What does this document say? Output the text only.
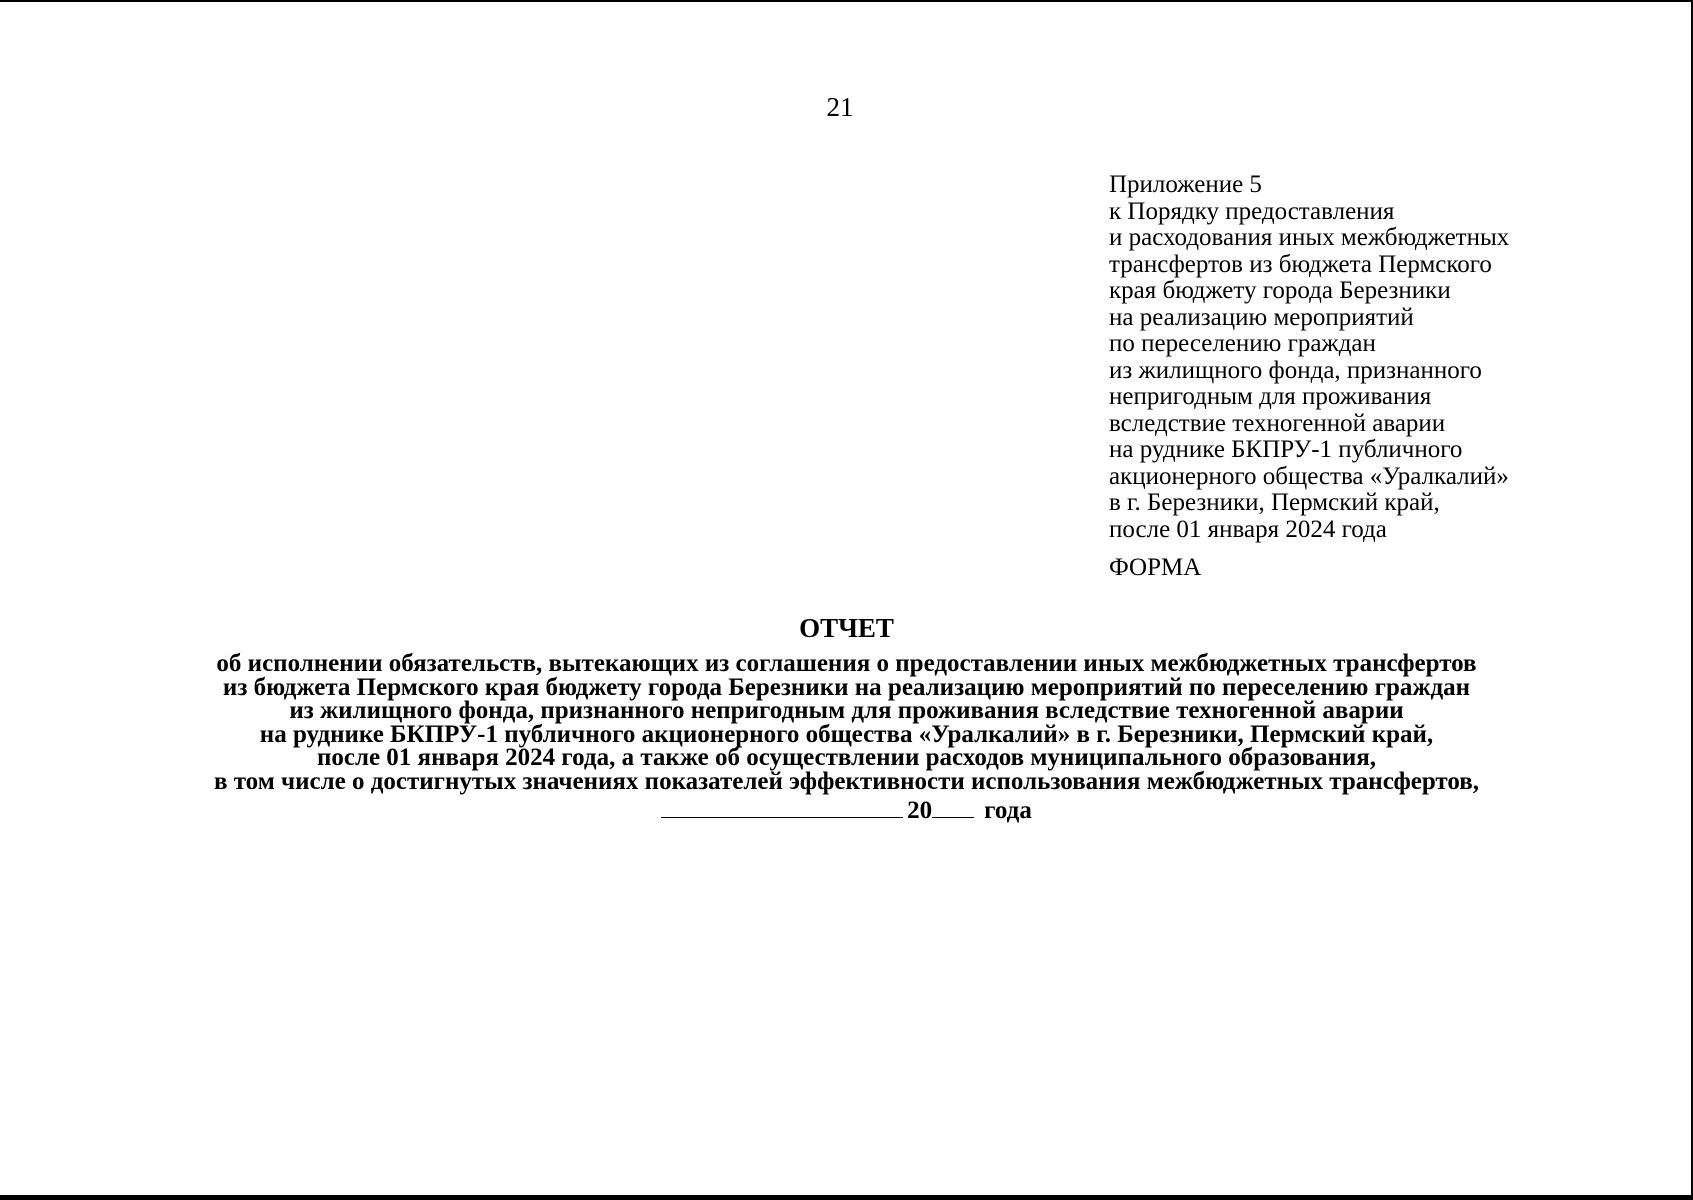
21
Приложение 5
к Порядку предоставления
и расходования иных межбюджетных
трансфертов из бюджета Пермского
края бюджету города Березники
на реализацию мероприятий
по переселению граждан
из жилищного фонда, признанного
непригодным для проживания
вследствие техногенной аварии
на руднике БКПРУ-1 публичного
акционерного общества «Уралкалий»
в г. Березники, Пермский край,
после 01 января 2024 года
ФОРМА
ОТЧЕТ
об исполнении обязательств, вытекающих из соглашения о предоставлении иных межбюджетных трансфертов
из бюджета Пермского края бюджету города Березники на реализацию мероприятий по переселению граждан
из жилищного фонда, признанного непригодным для проживания вследствие техногенной аварии
на руднике БКПРУ-1 публичного акционерного общества «Уралкалий» в г. Березники, Пермский край,
после 01 января 2024 года, а также об осуществлении расходов муниципального образования,
в том числе о достигнутых значениях показателей эффективности использования межбюджетных трансфертов,
20 года
